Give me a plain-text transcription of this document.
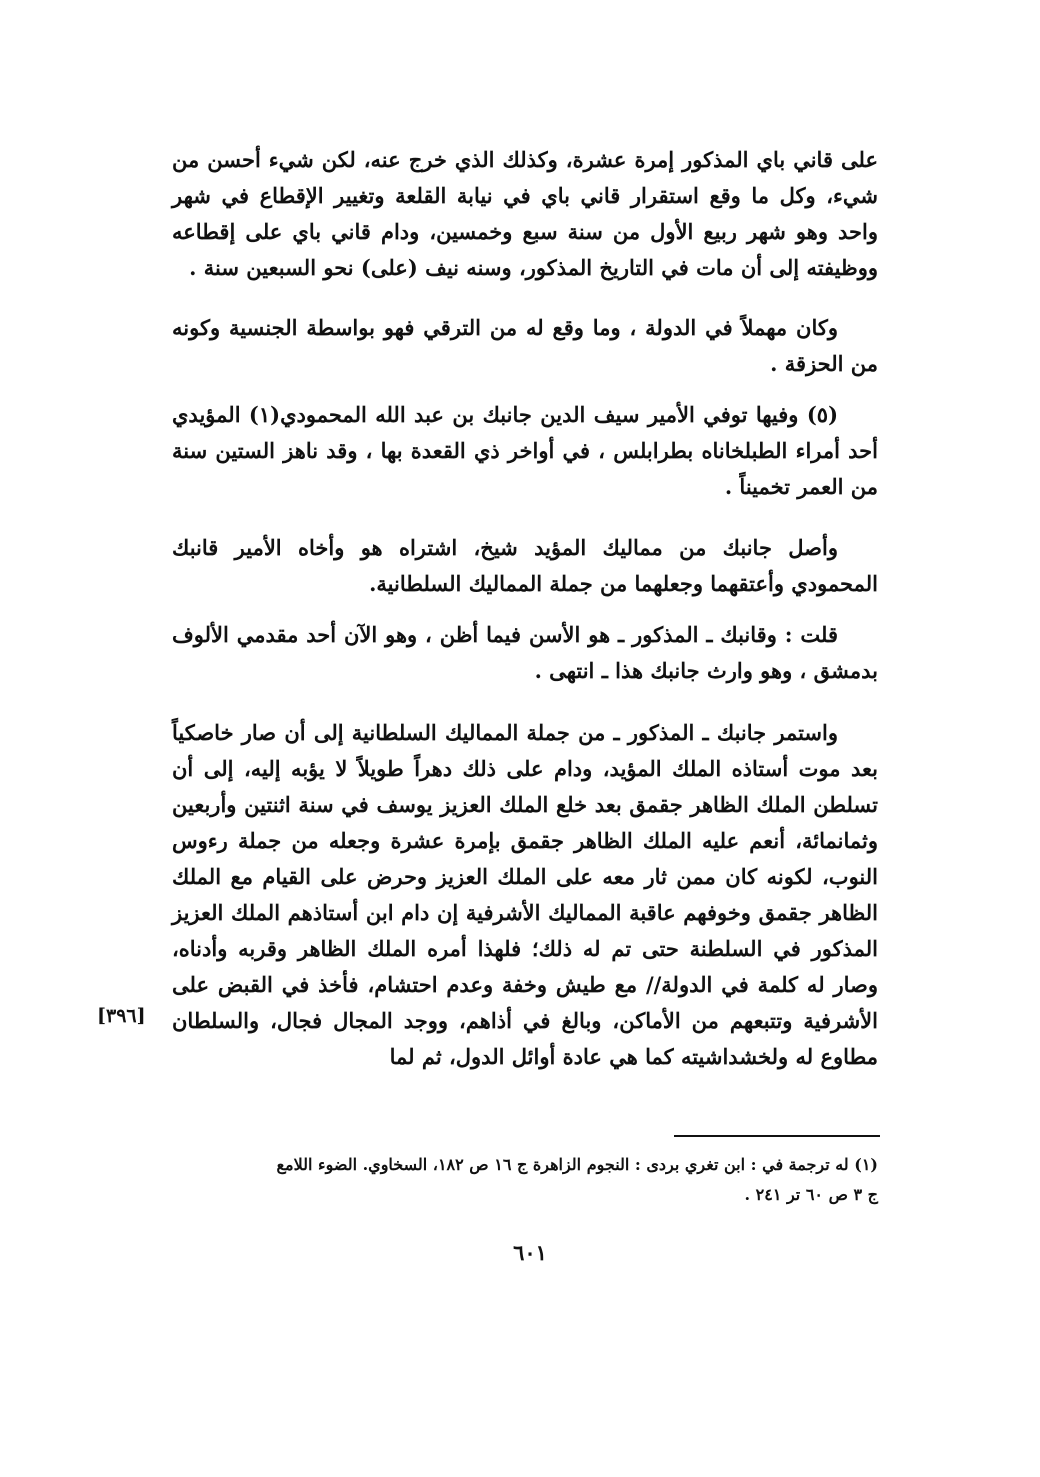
على قاني باي المذكور إمرة عشرة، وكذلك الذي خرج عنه، لكن شيء أحسن من شيء، وكل ما وقع استقرار قاني باي في نيابة القلعة وتغيير الإقطاع في شهر واحد وهو شهر ربيع الأول من سنة سبع وخمسين، ودام قاني باي على إقطاعه ووظيفته إلى أن مات في التاريخ المذكور، وسنه نيف (على) نحو السبعين سنة .

وكان مهملاً في الدولة ، وما وقع له من الترقي فهو بواسطة الجنسية وكونه من الحزقة .

(٥) وفيها توفي الأمير سيف الدين جانبك بن عبد الله المحمودي(١) المؤيدي أحد أمراء الطبلخاناه بطرابلس ، في أواخر ذي القعدة بها ، وقد ناهز الستين سنة من العمر تخميناً .

وأصل جانبك من مماليك المؤيد شيخ، اشتراه هو وأخاه الأمير قانبك المحمودي وأعتقهما وجعلهما من جملة المماليك السلطانية.

قلت : وقانبك ـ المذكور ـ هو الأسن فيما أظن ، وهو الآن أحد مقدمي الألوف بدمشق ، وهو وارث جانبك هذا ـ انتهى .

واستمر جانبك ـ المذكور ـ من جملة المماليك السلطانية إلى أن صار خاصكياً بعد موت أستاذه الملك المؤيد، ودام على ذلك دهراً طويلاً لا يؤبه إليه، إلى أن تسلطن الملك الظاهر جقمق بعد خلع الملك العزيز يوسف في سنة اثنتين وأربعين وثمانمائة، أنعم عليه الملك الظاهر جقمق بإمرة عشرة وجعله من جملة رءوس النوب، لكونه كان ممن ثار معه على الملك العزيز وحرض على القيام مع الملك الظاهر جقمق وخوفهم عاقبة المماليك الأشرفية إن دام ابن أستاذهم الملك العزيز المذكور في السلطنة حتى تم له ذلك؛ فلهذا أمره الملك الظاهر وقربه وأدناه، وصار له كلمة في الدولة// مع طيش وخفة وعدم احتشام، فأخذ في القبض على الأشرفية وتتبعهم من الأماكن، وبالغ في أذاهم، ووجد المجال فجال، والسلطان مطاوع له ولخشداشيته كما هي عادة أوائل الدول، ثم لما

[٣٩٦]

(١) له ترجمة في : ابن تغري بردى : النجوم الزاهرة ج ١٦ ص ١٨٢، السخاوي. الضوء اللامع

ج ٣ ص ٦٠ تر ٢٤١ .

٦٠١
